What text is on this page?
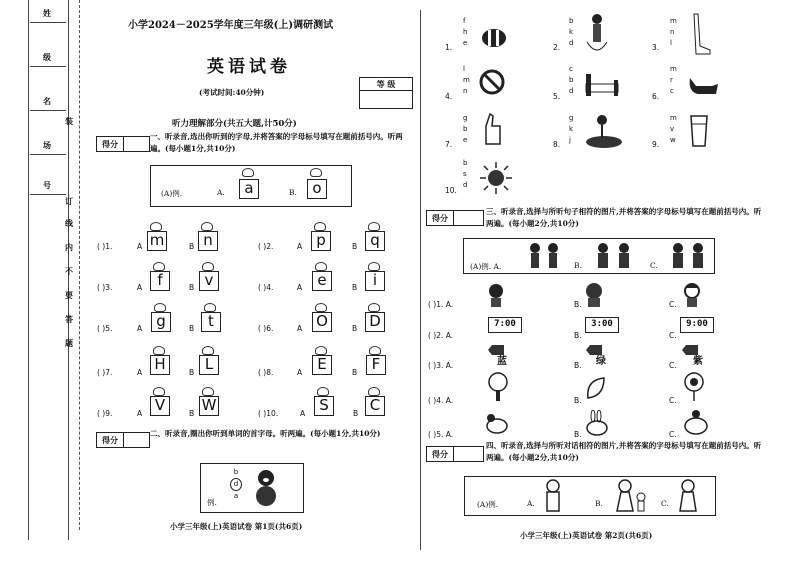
姓
级
名
场
号
装
订
线
内
不
要
答
题
小学2024－2025学年度三年级(上)调研测试
英语试卷
(考试时间:40分钟)
等 级
听力理解部分(共五大题,计50分)
得分
一、听录音,选出你听到的字母,并将答案的字母标号填写在题前括号内。听两遍。(每小题1分,共10分)
(A)例.	A.	B.
a	o
( )1.	A m	B n	( )2.	A p	B q
( )3.	A	f	B v	( )4.	A	e	B	i
( )5.	A g	B t	( )6.	A O	B D
( )7.	A H	B L	( )8.	A	E	B F
( )9.	A V	B W	( )10.	A S	B C
得分
二、听录音,圈出你听到单词的首字母。听两遍。(每小题1分,共10分)
例.
b
d
a
小学三年级(上)英语试卷 第1页(共6页)
1.
f
h
e	2.
b
k
d	3.
m
n
l
4.
l
m
n
5.
c
b
d
6.
m
r
c
7.
g
b
e	8.
g
k
j	9.
m
v
w
10.
b
s
d
得分
三、听录音,选择与所听句子相符的图片,并将答案的字母标号填写在题前括号内。听两遍。(每小题2分,共10分)
(A)例. A.	B.	C.
( )1. A.	B.	C.
( )2. A.
7:00
B.
3:00
C.
9:00
( )3. A.	蓝	B. 绿	C. 紫
( )4. A.	B.	C.
( )5. A.	B.	C.
得分
四、听录音,选择与所听对话相符的图片,并将答案的字母标号填写在题前括号内。听两遍。(每小题2分,共10分)
(A)例.	A.	B.	C.
小学三年级(上)英语试卷 第2页(共6页)
